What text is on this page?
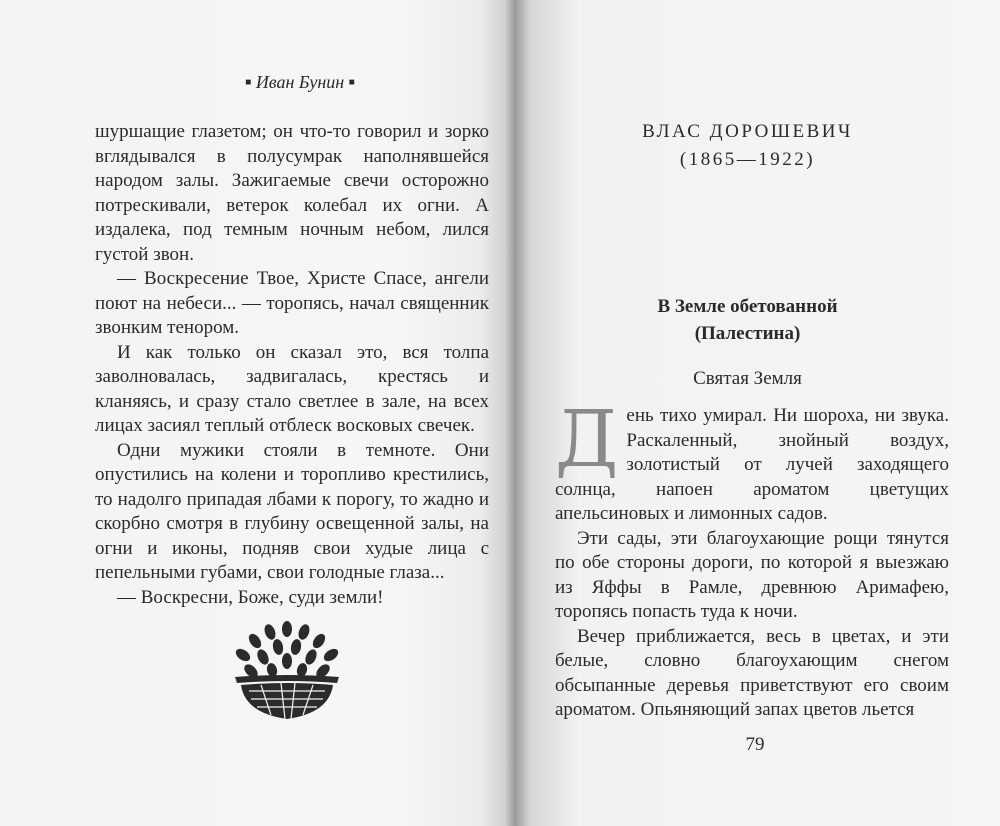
■ Иван Бунин ■

шуршащие глазетом; он что-то говорил и зорко вглядывался в полусумрак наполнявшейся народом залы. Зажигаемые свечи осторожно потрескивали, ветерок колебал их огни. А издалека, под темным ночным небом, лился густой звон.

— Воскресение Твое, Христе Спасе, ангели поют на небеси... — торопясь, начал священник звонким тенором.

И как только он сказал это, вся толпа заволновалась, задвигалась, крестясь и кланяясь, и сразу стало светлее в зале, на всех лицах засиял теплый отблеск восковых свечек.

Одни мужики стояли в темноте. Они опустились на колени и торопливо крестились, то надолго припадая лбами к порогу, то жадно и скорбно смотря в глубину освещенной залы, на огни и иконы, подняв свои худые лица с пепельными губами, свои голодные глаза...

— Воскресни, Боже, суди земли!

ВЛАС ДОРОШЕВИЧ
(1865—1922)
В Земле обетованной
(Палестина)
Святая Земля

День тихо умирал. Ни шороха, ни звука. Раскаленный, знойный воздух, золотистый от лучей заходящего солнца, напоен ароматом цветущих апельсиновых и лимонных садов.

Эти сады, эти благоухающие рощи тянутся по обе стороны дороги, по которой я выезжаю из Яффы в Рамле, древнюю Аримафею, торопясь попасть туда к ночи.

Вечер приближается, весь в цветах, и эти белые, словно благоухающим снегом обсыпанные деревья приветствуют его своим ароматом. Опьяняющий запах цветов льется

79
